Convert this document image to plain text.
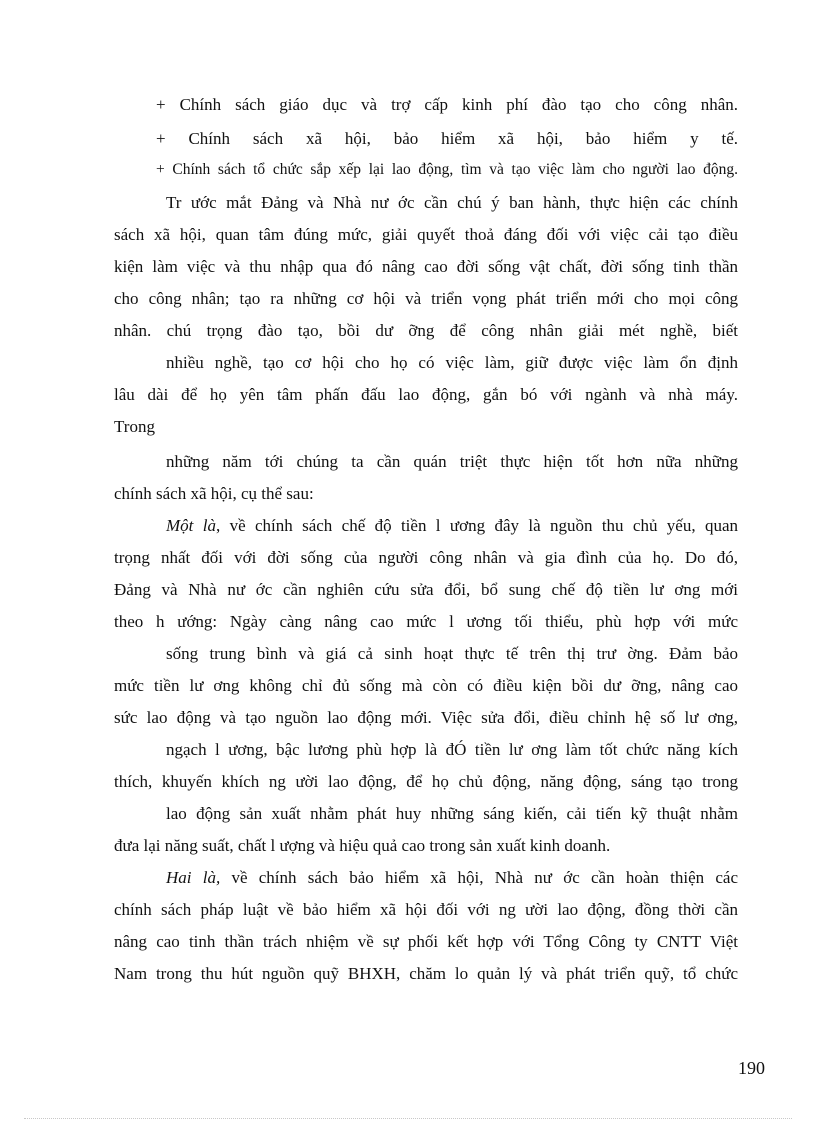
+ Chính sách giáo dục và trợ cấp kinh phí đào tạo cho công nhân.
+ Chính sách xã hội, bảo hiểm xã hội, bảo hiểm y tế.
+ Chính sách tổ chức sắp xếp lại lao động, tìm và tạo việc làm cho người lao động.
Tr ước mắt Đảng và Nhà nư ớc cần chú ý ban hành, thực hiện các chính
sách xã hội, quan tâm đúng mức, giải quyết thoả đáng đối với việc cải tạo điều
kiện làm việc và thu nhập qua đó nâng cao đời sống vật chất, đời sống tinh thần
cho công nhân; tạo ra những cơ hội và triển vọng phát triển mới cho mọi công
nhân. chú trọng đào tạo, bồi dư ỡng để công nhân giải mét nghề, biết
nhiều nghề, tạo cơ hội cho họ có việc làm, giữ được việc làm ổn định
lâu dài để họ yên tâm phấn đấu lao động, gắn bó với ngành và nhà máy.
Trong
những năm tới chúng ta cần quán triệt thực hiện tốt hơn nữa những
chính sách xã hội, cụ thể sau:
Một là, về chính sách chế độ tiền l ương đây là nguồn thu chủ yếu, quan
trọng nhất đối với đời sống của người công nhân và gia đình của họ. Do đó,
Đảng và Nhà nư ớc cần nghiên cứu sửa đổi, bổ sung chế độ tiền lư ơng mới
theo h ướng: Ngày càng nâng cao mức l ương tối thiểu, phù hợp với mức
sống trung bình và giá cả sinh hoạt thực tế trên thị trư ờng. Đảm bảo
mức tiền lư ơng không chỉ đủ sống mà còn có điều kiện bồi dư ỡng, nâng cao
sức lao động và tạo nguồn lao động mới. Việc sửa đổi, điều chỉnh hệ số lư ơng,
ngạch l ương, bậc lương phù hợp là đÓ tiền lư ơng làm tốt chức năng kích
thích, khuyến khích ng ười lao động, để họ chủ động, năng động, sáng tạo trong
lao động sản xuất nhằm phát huy những sáng kiến, cải tiến kỹ thuật nhằm
đưa lại năng suất, chất l ượng và hiệu quả cao trong sản xuất kinh doanh.
Hai là, về chính sách bảo hiểm xã hội, Nhà nư ớc cần hoàn thiện các
chính sách pháp luật về bảo hiểm xã hội đối với ng ười lao động, đồng thời cần
nâng cao tinh thần trách nhiệm về sự phối kết hợp với Tổng Công ty CNTT Việt
Nam trong thu hút nguồn quỹ BHXH, chăm lo quản lý và phát triển quỹ, tổ chức
190
